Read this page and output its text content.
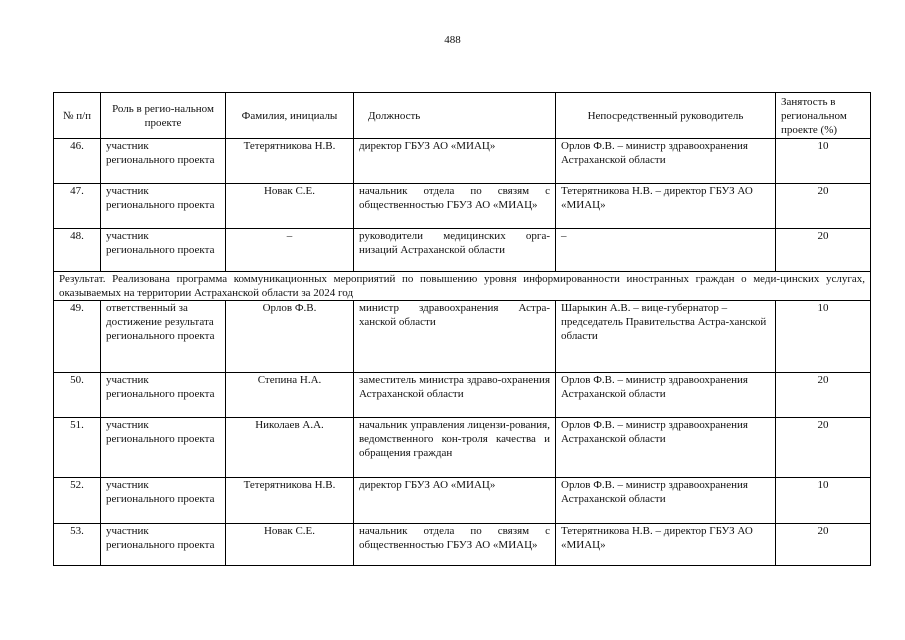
488
№ п/п	Роль в регио-нальном проекте	Фамилия, инициалы	Должность	Непосредственный руководитель	Занятость в региональном проекте (%)
46.	участник регионального проекта	Тетерятникова Н.В.	директор ГБУЗ АО «МИАЦ»	Орлов Ф.В. – министр здравоохранения Астраханской области	10
47.	участник регионального проекта	Новак С.Е.	начальник отдела по связям с общественностью ГБУЗ АО «МИАЦ»	Тетерятникова Н.В. – директор ГБУЗ АО «МИАЦ»	20
48.	участник регионального проекта	–	руководители медицинских орга-низаций Астраханской области	–	20
Результат. Реализована программа коммуникационных мероприятий по повышению уровня информированности иностранных граждан о меди-цинских услугах, оказываемых на территории Астраханской области за 2024 год					
49.	ответственный за достижение результата регионального проекта	Орлов Ф.В.	министр здравоохранения Астра-ханской области	Шарыкин А.В. – вице-губернатор – председатель Правительства Астра-ханской области	10
50.	участник регионального проекта	Степина Н.А.	заместитель министра здраво-охранения Астраханской области	Орлов Ф.В. – министр здравоохранения Астраханской области	20
51.	участник регионального проекта	Николаев А.А.	начальник управления лицензи-рования, ведомственного кон-троля качества и обращения граждан	Орлов Ф.В. – министр здравоохранения Астраханской области	20
52.	участник регионального проекта	Тетерятникова Н.В.	директор ГБУЗ АО «МИАЦ»	Орлов Ф.В. – министр здравоохранения Астраханской области	10
53.	участник регионального проекта	Новак С.Е.	начальник отдела по связям с общественностью ГБУЗ АО «МИАЦ»	Тетерятникова Н.В. – директор ГБУЗ АО «МИАЦ»	20
